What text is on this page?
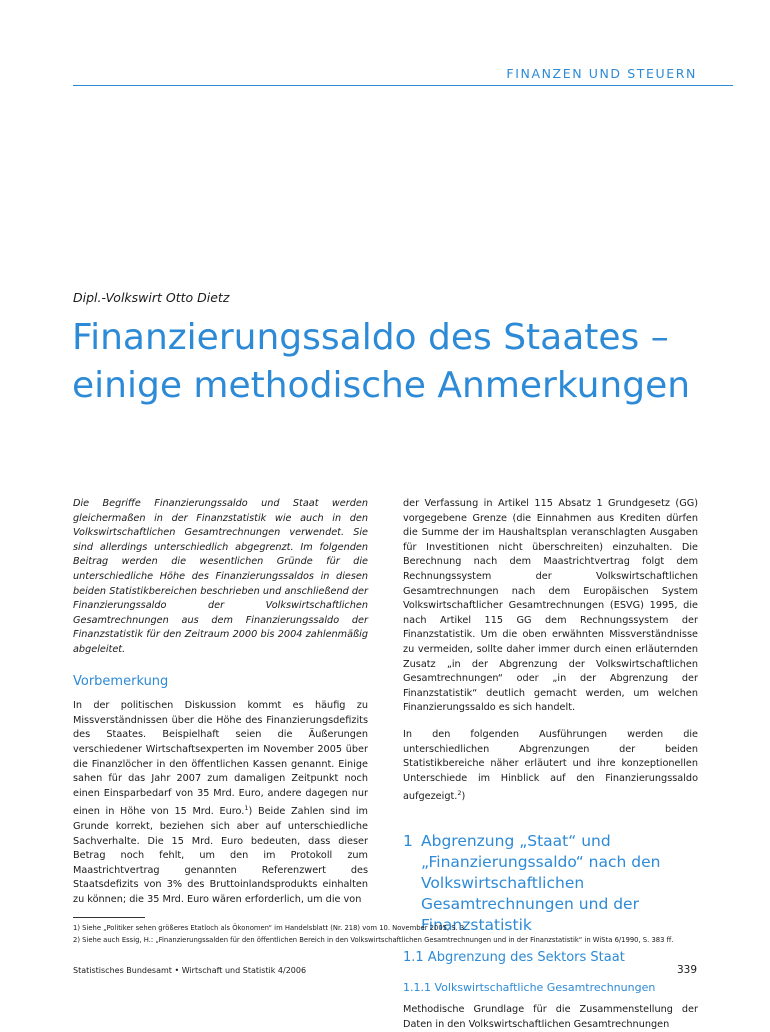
FINANZEN UND STEUERN
Dipl.-Volkswirt Otto Dietz
Finanzierungssaldo des Staates – einige methodische Anmerkungen

Die Begriffe Finanzierungssaldo und Staat werden gleichermaßen in der Finanzstatistik wie auch in den Volkswirtschaftlichen Gesamtrechnungen verwendet. Sie sind allerdings unterschiedlich abgegrenzt. Im folgenden Beitrag werden die wesentlichen Gründe für die unterschiedliche Höhe des Finanzierungssaldos in diesen beiden Statistikbereichen beschrieben und anschließend der Finanzierungssaldo der Volkswirtschaftlichen Gesamtrechnungen aus dem Finanzierungssaldo der Finanzstatistik für den Zeitraum 2000 bis 2004 zahlenmäßig abgeleitet.

Vorbemerkung

In der politischen Diskussion kommt es häufig zu Missverständnissen über die Höhe des Finanzierungsdefizits des Staates. Beispielhaft seien die Äußerungen verschiedener Wirtschaftsexperten im November 2005 über die Finanzlöcher in den öffentlichen Kassen genannt. Einige sahen für das Jahr 2007 zum damaligen Zeitpunkt noch einen Einsparbedarf von 35 Mrd. Euro, andere dagegen nur einen in Höhe von 15 Mrd. Euro.$^1$) Beide Zahlen sind im Grunde korrekt, beziehen sich aber auf unterschiedliche Sachverhalte. Die 15 Mrd. Euro bedeuten, dass dieser Betrag noch fehlt, um den im Protokoll zum Maastrichtvertrag genannten Referenzwert des Staatsdefizits von 3% des Bruttoinlandsprodukts einhalten zu können; die 35 Mrd. Euro wären erforderlich, um die von

der Verfassung in Artikel 115 Absatz 1 Grundgesetz (GG) vorgegebene Grenze (die Einnahmen aus Krediten dürfen die Summe der im Haushaltsplan veranschlagten Ausgaben für Investitionen nicht überschreiten) einzuhalten. Die Berechnung nach dem Maastrichtvertrag folgt dem Rechnungssystem der Volkswirtschaftlichen Gesamtrechnungen nach dem Europäischen System Volkswirtschaftlicher Gesamtrechnungen (ESVG) 1995, die nach Artikel 115 GG dem Rechnungssystem der Finanzstatistik. Um die oben erwähnten Missverständnisse zu vermeiden, sollte daher immer durch einen erläuternden Zusatz „in der Abgrenzung der Volkswirtschaftlichen Gesamtrechnungen“ oder „in der Abgrenzung der Finanzstatistik“ deutlich gemacht werden, um welchen Finanzierungssaldo es sich handelt.

In den folgenden Ausführungen werden die unterschiedlichen Abgrenzungen der beiden Statistikbereiche näher erläutert und ihre konzeptionellen Unterschiede im Hinblick auf den Finanzierungssaldo aufgezeigt.$^2$)

1 Abgrenzung „Staat“ und „Finanzierungssaldo“ nach den Volkswirtschaftlichen Gesamtrechnungen und der Finanzstatistik
1.1 Abgrenzung des Sektors Staat
1.1.1 Volkswirtschaftliche Gesamtrechnungen

Methodische Grundlage für die Zusammenstellung der Daten in den Volkswirtschaftlichen Gesamtrechnungen

1) Siehe „Politiker sehen größeres Etatloch als Ökonomen“ im Handelsblatt (Nr. 218) vom 10. November 2005, S. 3.
2) Siehe auch Essig, H.: „Finanzierungssalden für den öffentlichen Bereich in den Volkswirtschaftlichen Gesamtrechnungen und in der Finanzstatistik“ in WiSta 6/1990, S. 383 ff.
Statistisches Bundesamt • Wirtschaft und Statistik 4/2006	339
